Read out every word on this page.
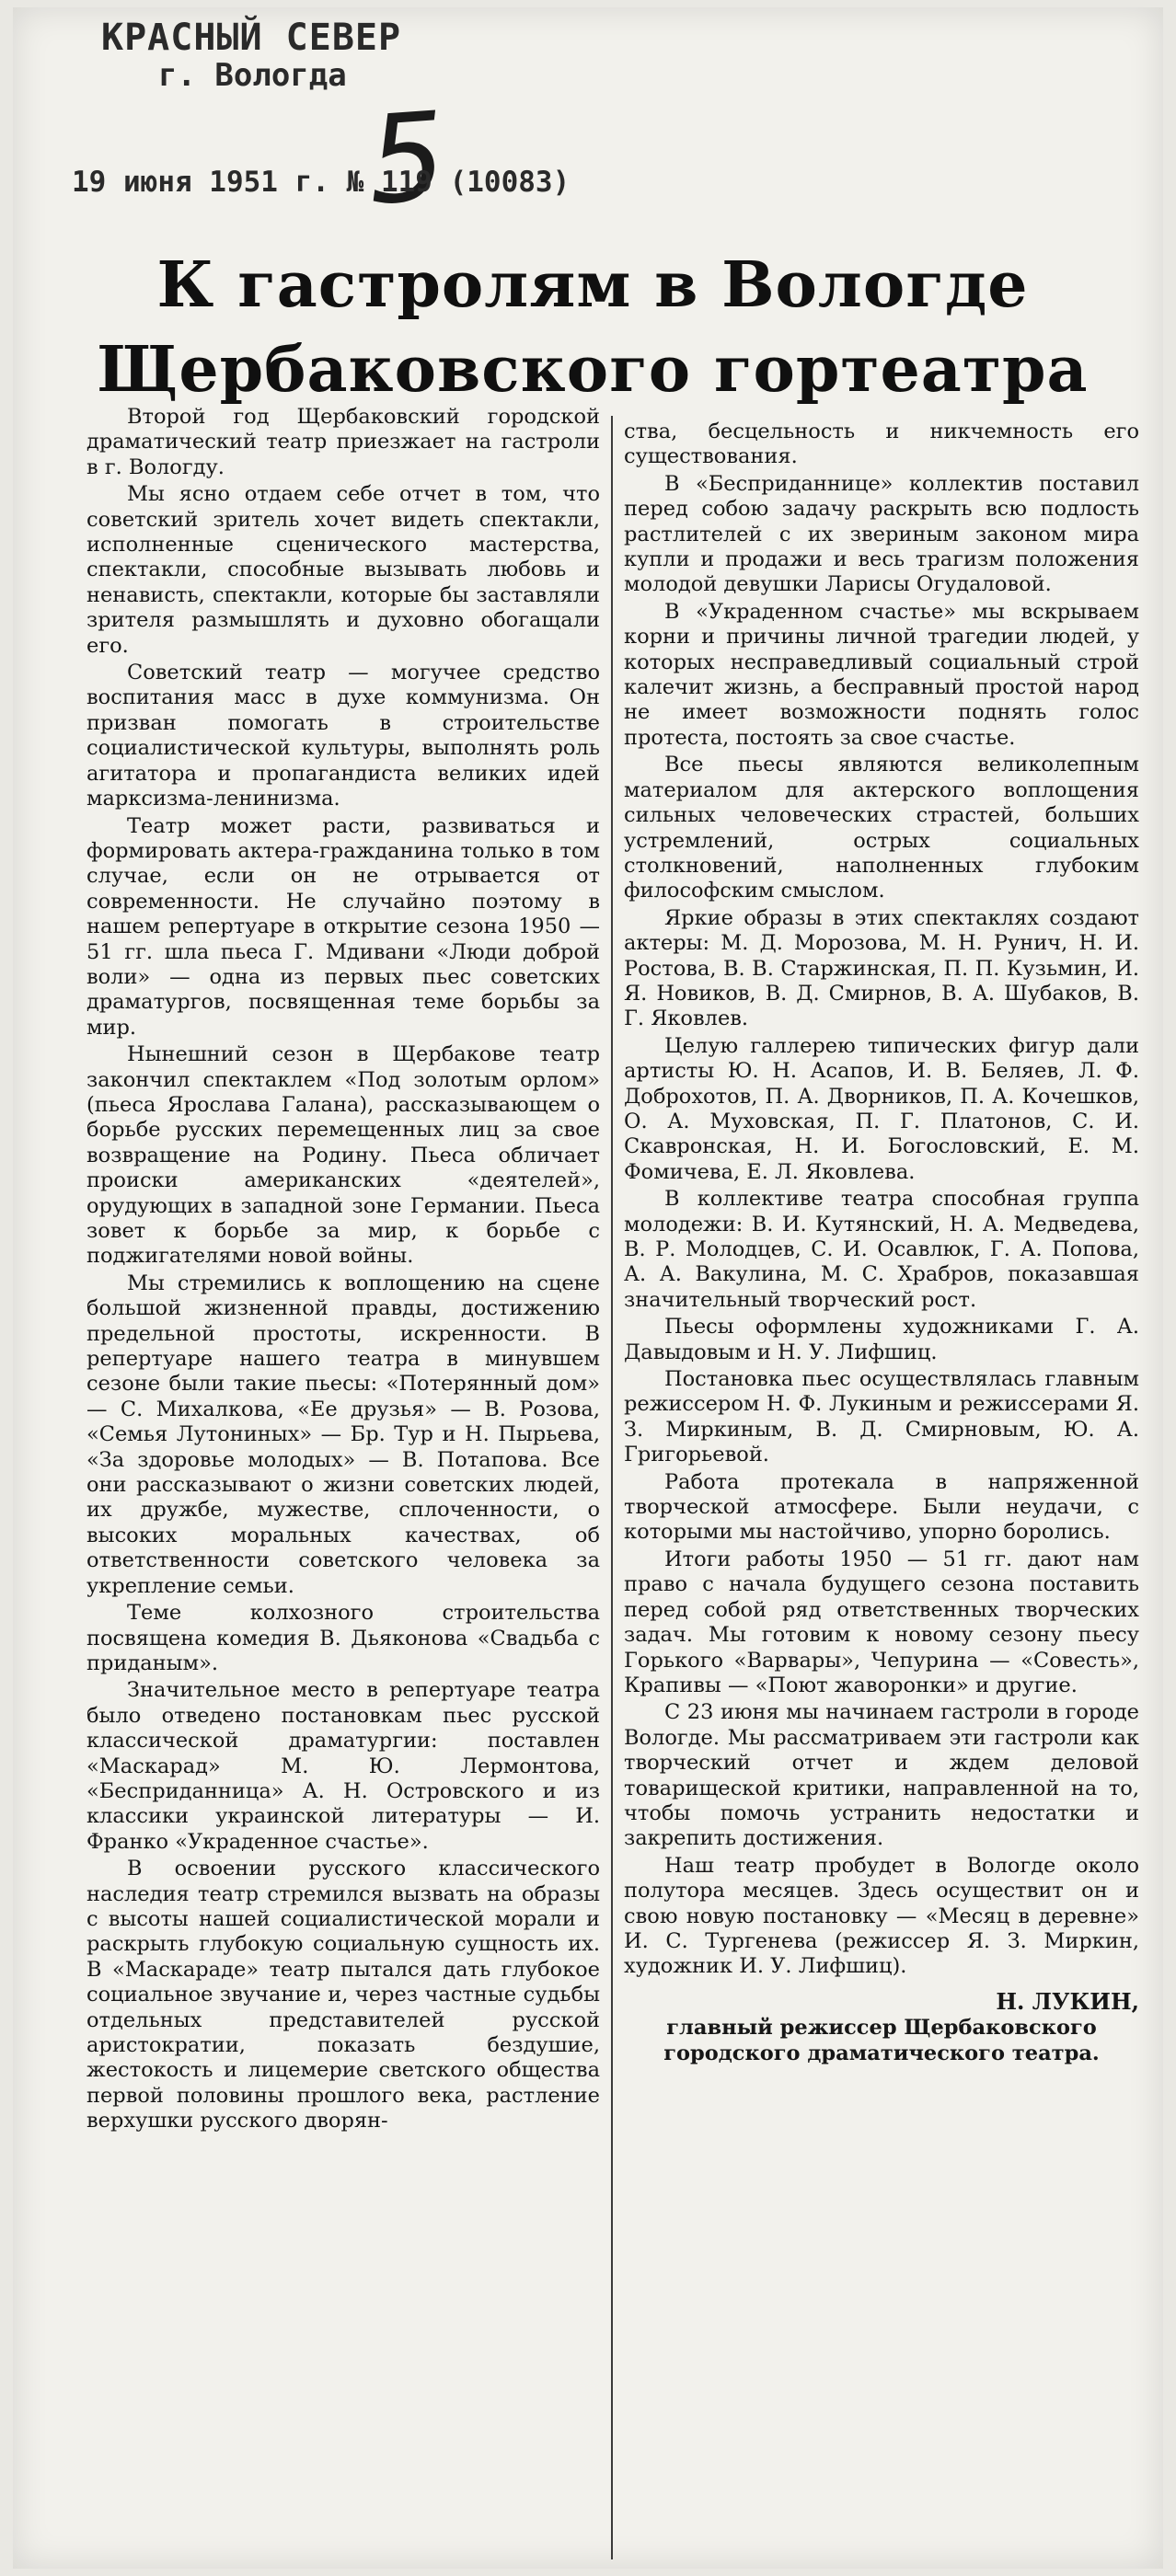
КРАСНЫЙ СЕВЕР
г. Вологда
5
19 июня 1951 г. № 119 (10083)
К гастролям в Вологде
Щербаковского гортеатра

Второй год Щербаковский городской драматический театр приезжает на гастроли в г. Вологду.

Мы ясно отдаем себе отчет в том, что советский зритель хочет видеть спектакли, исполненные сценического мастерства, спектакли, способные вызывать любовь и ненависть, спектакли, которые бы заставляли зрителя размышлять и духовно обогащали его.

Советский театр — могучее средство воспитания масс в духе коммунизма. Он призван помогать в строительстве социалистической культуры, выполнять роль агитатора и пропагандиста великих идей марксизма-ленинизма.

Театр может расти, развиваться и формировать актера-гражданина только в том случае, если он не отрывается от современности. Не случайно поэтому в нашем репертуаре в открытие сезона 1950 — 51 гг. шла пьеса Г. Мдивани «Люди доброй воли» — одна из первых пьес советских драматургов, посвященная теме борьбы за мир.

Нынешний сезон в Щербакове театр закончил спектаклем «Под золотым орлом» (пьеса Ярослава Галана), рассказывающем о борьбе русских перемещенных лиц за свое возвращение на Родину. Пьеса обличает происки американских «деятелей», орудующих в западной зоне Германии. Пьеса зовет к борьбе за мир, к борьбе с поджигателями новой войны.

Мы стремились к воплощению на сцене большой жизненной правды, достижению предельной простоты, искренности. В репертуаре нашего театра в минувшем сезоне были такие пьесы: «Потерянный дом» — С. Михалкова, «Ее друзья» — В. Розова, «Семья Лутониных» — Бр. Тур и Н. Пырьева, «За здоровье молодых» — В. Потапова. Все они рассказывают о жизни советских людей, их дружбе, мужестве, сплоченности, о высоких моральных качествах, об ответственности советского человека за укрепление семьи.

Теме колхозного строительства посвящена комедия В. Дьяконова «Свадьба с приданым».

Значительное место в репертуаре театра было отведено постановкам пьес русской классической драматургии: поставлен «Маскарад» М. Ю. Лермонтова, «Бесприданница» А. Н. Островского и из классики украинской литературы — И. Франко «Украденное счастье».

В освоении русского классического наследия театр стремился вызвать на образы с высоты нашей социалистической морали и раскрыть глубокую социальную сущность их. В «Маскараде» театр пытался дать глубокое социальное звучание и, через частные судьбы отдельных представителей русской аристократии, показать бездушие, жестокость и лицемерие светского общества первой половины прошлого века, растление верхушки русского дворян-

ства, бесцельность и никчемность его существования.

В «Бесприданнице» коллектив поставил перед собою задачу раскрыть всю подлость растлителей с их звериным законом мира купли и продажи и весь трагизм положения молодой девушки Ларисы Огудаловой.

В «Украденном счастье» мы вскрываем корни и причины личной трагедии людей, у которых несправедливый социальный строй калечит жизнь, а бесправный простой народ не имеет возможности поднять голос протеста, постоять за свое счастье.

Все пьесы являются великолепным материалом для актерского воплощения сильных человеческих страстей, больших устремлений, острых социальных столкновений, наполненных глубоким философским смыслом.

Яркие образы в этих спектаклях создают актеры: М. Д. Морозова, М. Н. Рунич, Н. И. Ростова, В. В. Старжинская, П. П. Кузьмин, И. Я. Новиков, В. Д. Смирнов, В. А. Шубаков, В. Г. Яковлев.

Целую галлерею типических фигур дали артисты Ю. Н. Асапов, И. В. Беляев, Л. Ф. Доброхотов, П. А. Дворников, П. А. Кочешков, О. А. Муховская, П. Г. Платонов, С. И. Скавронская, Н. И. Богословский, Е. М. Фомичева, Е. Л. Яковлева.

В коллективе театра способная группа молодежи: В. И. Кутянский, Н. А. Медведева, В. Р. Молодцев, С. И. Осавлюк, Г. А. Попова, А. А. Вакулина, М. С. Храбров, показавшая значительный творческий рост.

Пьесы оформлены художниками Г. А. Давыдовым и Н. У. Лифшиц.

Постановка пьес осуществлялась главным режиссером Н. Ф. Лукиным и режиссерами Я. З. Миркиным, В. Д. Смирновым, Ю. А. Григорьевой.

Работа протекала в напряженной творческой атмосфере. Были неудачи, с которыми мы настойчиво, упорно боролись.

Итоги работы 1950 — 51 гг. дают нам право с начала будущего сезона поставить перед собой ряд ответственных творческих задач. Мы готовим к новому сезону пьесу Горького «Варвары», Чепурина — «Совесть», Крапивы — «Поют жаворонки» и другие.

С 23 июня мы начинаем гастроли в городе Вологде. Мы рассматриваем эти гастроли как творческий отчет и ждем деловой товарищеской критики, направленной на то, чтобы помочь устранить недостатки и закрепить достижения.

Наш театр пробудет в Вологде около полутора месяцев. Здесь осуществит он и свою новую постановку — «Месяц в деревне» И. С. Тургенева (режиссер Я. З. Миркин, художник И. У. Лифшиц).

Н. ЛУКИН,

главный режиссер Щербаковского городского драматического театра.
